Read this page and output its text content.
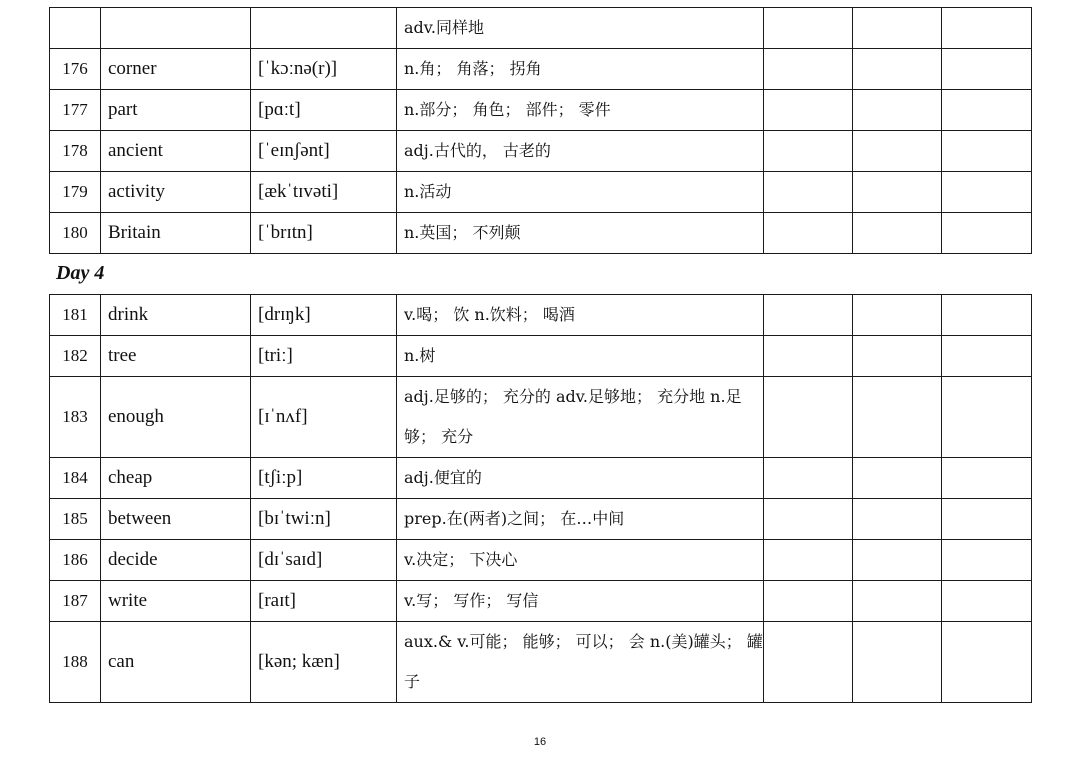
			adv.同样地			
176	corner	[ˈkɔːnə(r)]	n.角； 角落； 拐角			
177	part	[pɑːt]	n.部分； 角色； 部件； 零件			
178	ancient	[ˈeɪnʃənt]	adj.古代的， 古老的			
179	activity	[ækˈtɪvəti]	n.活动			
180	Britain	[ˈbrɪtn]	n.英国； 不列颠			
Day 4
181	drink	[drɪŋk]	v.喝； 饮 n.饮料； 喝酒			
182	tree	[triː]	n.树			
183	enough	[ɪˈnʌf]	adj.足够的； 充分的 adv.足够地； 充分地 n.足够； 充分			
184	cheap	[tʃiːp]	adj.便宜的			
185	between	[bɪˈtwiːn]	prep.在(两者)之间； 在…中间			
186	decide	[dɪˈsaɪd]	v.决定； 下决心			
187	write	[raɪt]	v.写； 写作； 写信			
188	can	[kən; kæn]	aux.& v.可能； 能够； 可以； 会 n.(美)罐头； 罐子			
16
